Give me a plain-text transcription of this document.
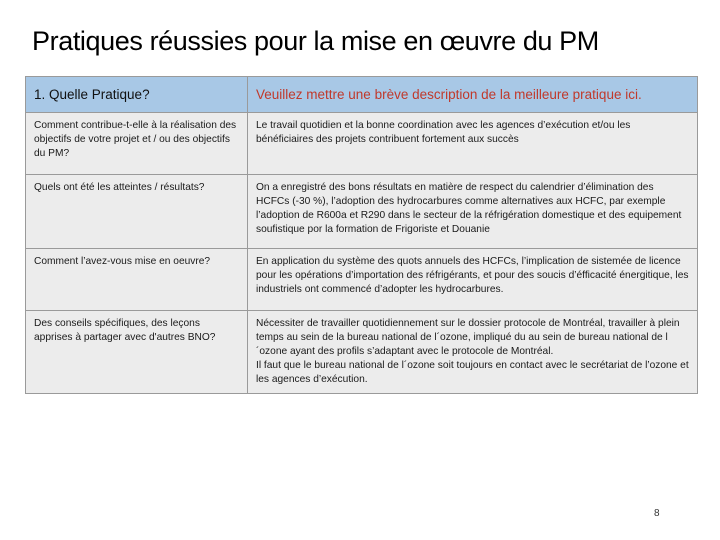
Pratiques réussies pour la mise en œuvre du PM
1. Quelle Pratique?	Veuillez mettre une brève description de la meilleure pratique ici.
Comment contribue-t-elle à la réalisation des objectifs de votre projet et / ou des objectifs du PM?	Le travail quotidien et la bonne coordination avec les agences d’exécution et/ou les bénéficiaires des projets contribuent fortement aux succès
Quels ont été les atteintes / résultats?	On a enregistré des bons résultats en matière de respect du calendrier d’élimination des HCFCs (-30 %), l’adoption des hydrocarbures comme alternatives aux HCFC, par exemple l’adoption de R600a et R290 dans le secteur de la réfrigération domestique et des equipement soufistique por la formation de Frigoriste et Douanie
Comment l’avez-vous mise en oeuvre?	En application du système des quots annuels des HCFCs, l’implication de sistemée de licence pour les opérations d’importation des réfrigérants, et pour des soucis d’éfficacité énergitique, les industriels ont commencé d’adopter les hydrocarbures.
Des conseils spécifiques, des leçons apprises à partager avec d'autres BNO?	Nécessiter de travailler quotidiennement sur le dossier protocole de Montréal, travailler à plein temps au sein de la bureau national de l´ozone, impliqué du au sein de bureau national de l´ozone ayant des profils s’adaptant avec le protocole de Montréal.
Il faut que le bureau national de l´ozone soit toujours en contact avec le secrétariat de l’ozone et les agences d’exécution.
8
